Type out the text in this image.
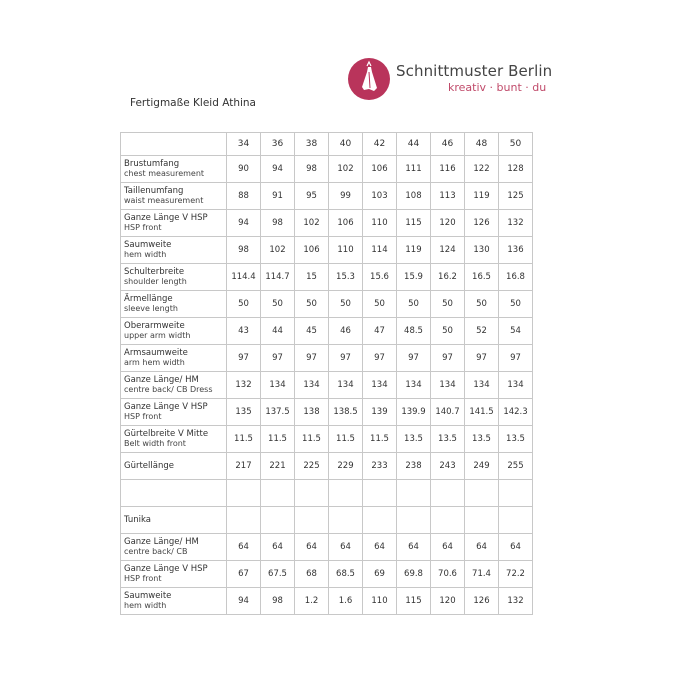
Schnittmuster Berlin
kreativ · bunt · du
Fertigmaße Kleid Athina
	34	36	38	40	42	44	46	48	50

Brustumfang
chest measurement	90	94	98	102	106	111	116	122	128

Taillenumfang
waist measurement	88	91	95	99	103	108	113	119	125

Ganze Länge V HSP
HSP front	94	98	102	106	110	115	120	126	132

Saumweite
hem width	98	102	106	110	114	119	124	130	136

Schulterbreite
shoulder length	114.4	114.7	15	15.3	15.6	15.9	16.2	16.5	16.8

Ärmellänge
sleeve length	50	50	50	50	50	50	50	50	50

Oberarmweite
upper arm width	43	44	45	46	47	48.5	50	52	54

Armsaumweite
arm hem width	97	97	97	97	97	97	97	97	97

Ganze Länge/ HM
centre back/ CB Dress	132	134	134	134	134	134	134	134	134

Ganze Länge V HSP
HSP front	135	137.5	138	138.5	139	139.9	140.7	141.5	142.3

Gürtelbreite V Mitte
Belt width front	11.5	11.5	11.5	11.5	11.5	13.5	13.5	13.5	13.5

Gürtellänge	217	221	225	229	233	238	243	249	255

Tunika									

Ganze Länge/ HM
centre back/ CB	64	64	64	64	64	64	64	64	64

Ganze Länge V HSP
HSP front	67	67.5	68	68.5	69	69.8	70.6	71.4	72.2

Saumweite
hem width	94	98	1.2	1.6	110	115	120	126	132
